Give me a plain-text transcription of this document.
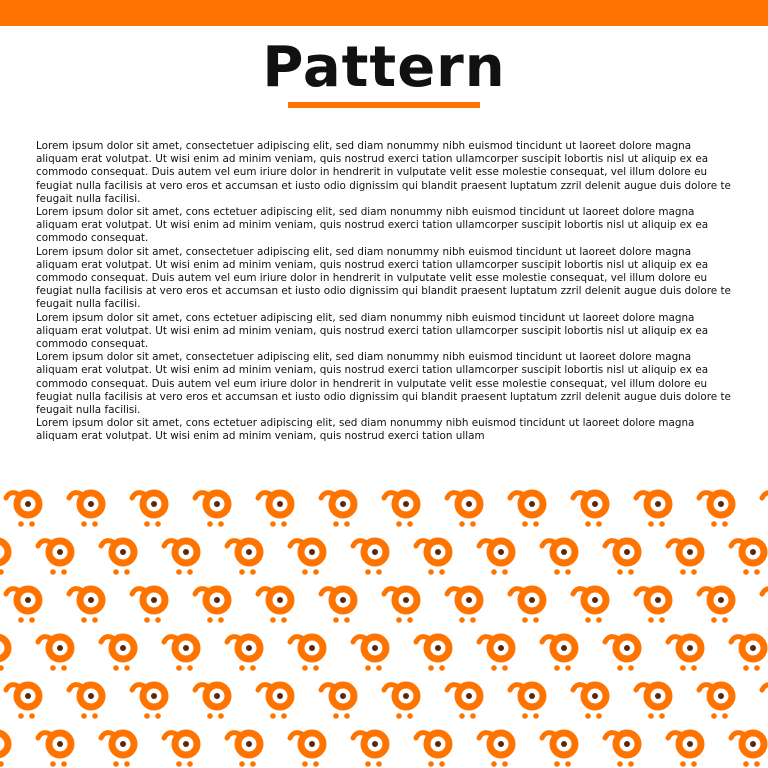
Pattern

Lorem ipsum dolor sit amet, consectetuer adipiscing elit, sed diam nonummy nibh euismod tincidunt ut laoreet dolore magna aliquam erat volutpat. Ut wisi enim ad minim veniam, quis nostrud exerci tation ullamcorper suscipit lobortis nisl ut aliquip ex ea commodo consequat. Duis autem vel eum iriure dolor in hendrerit in vulputate velit esse molestie consequat, vel illum dolore eu feugiat nulla facilisis at vero eros et accumsan et iusto odio dignissim qui blandit praesent luptatum zzril delenit augue duis dolore te feugait nulla facilisi.

Lorem ipsum dolor sit amet, cons ectetuer adipiscing elit, sed diam nonummy nibh euismod tincidunt ut laoreet dolore magna aliquam erat volutpat. Ut wisi enim ad minim veniam, quis nostrud exerci tation ullamcorper suscipit lobortis nisl ut aliquip ex ea commodo consequat.

Lorem ipsum dolor sit amet, consectetuer adipiscing elit, sed diam nonummy nibh euismod tincidunt ut laoreet dolore magna aliquam erat volutpat. Ut wisi enim ad minim veniam, quis nostrud exerci tation ullamcorper suscipit lobortis nisl ut aliquip ex ea commodo consequat. Duis autem vel eum iriure dolor in hendrerit in vulputate velit esse molestie consequat, vel illum dolore eu feugiat nulla facilisis at vero eros et accumsan et iusto odio dignissim qui blandit praesent luptatum zzril delenit augue duis dolore te feugait nulla facilisi.

Lorem ipsum dolor sit amet, cons ectetuer adipiscing elit, sed diam nonummy nibh euismod tincidunt ut laoreet dolore magna aliquam erat volutpat. Ut wisi enim ad minim veniam, quis nostrud exerci tation ullamcorper suscipit lobortis nisl ut aliquip ex ea commodo consequat.

Lorem ipsum dolor sit amet, consectetuer adipiscing elit, sed diam nonummy nibh euismod tincidunt ut laoreet dolore magna aliquam erat volutpat. Ut wisi enim ad minim veniam, quis nostrud exerci tation ullamcorper suscipit lobortis nisl ut aliquip ex ea commodo consequat. Duis autem vel eum iriure dolor in hendrerit in vulputate velit esse molestie consequat, vel illum dolore eu feugiat nulla facilisis at vero eros et accumsan et iusto odio dignissim qui blandit praesent luptatum zzril delenit augue duis dolore te feugait nulla facilisi.

Lorem ipsum dolor sit amet, cons ectetuer adipiscing elit, sed diam nonummy nibh euismod tincidunt ut laoreet dolore magna aliquam erat volutpat. Ut wisi enim ad minim veniam, quis nostrud exerci tation ullam
